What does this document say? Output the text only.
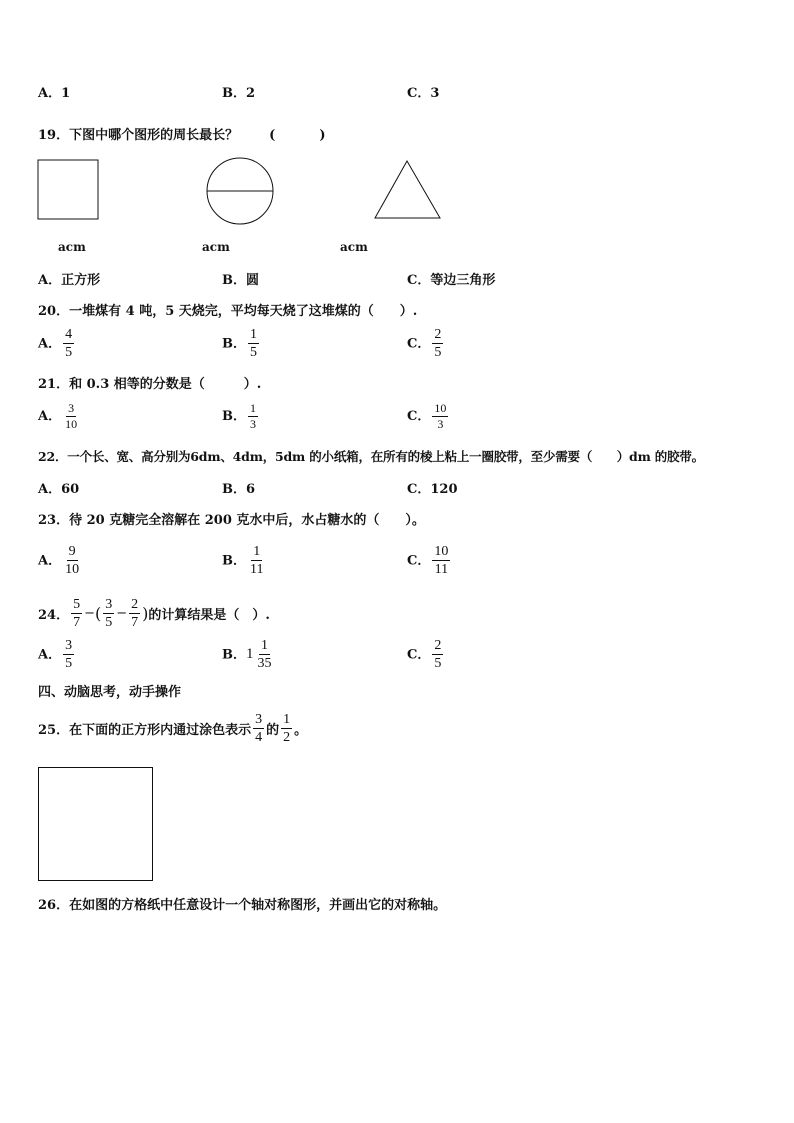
A．1	B．2	C．3
19．下图中哪个图形的周长最长？ (	)
acm	acm	acm
A．正方形	B．圆	C．等边三角形
20．一堆煤有 4 吨，5 天烧完，平均每天烧了这堆煤的（　　）.
A． $\frac{4}{5}$	B． $\frac{1}{5}$	C． $\frac{2}{5}$
21．和 0.3 相等的分数是（　　　）.
A． $\frac{3}{10}$	B． $\frac{1}{3}$	C． $\frac{10}{3}$
22．一个长、宽、高分别为6dm、4dm，5dm 的小纸箱，在所有的棱上粘上一圈胶带，至少需要（　　）dm 的胶带。
A．60	B．6	C．120
23．待 20 克糖完全溶解在 200 克水中后，水占糖水的（　　）。
A． $\frac{9}{10}$	B． $\frac{1}{11}$	C． $\frac{10}{11}$
24． $\frac{5}{7}$ − ( $\frac{3}{5} - \frac{2}{7}$ ) 的计算结果是（　）.
A． $\frac{3}{5}$	B． $1 \frac{1}{35}$	C． $\frac{2}{5}$
四、动脑思考，动手操作
25．在下面的正方形内通过涂色表示 $\frac{3}{4}$ 的 $\frac{1}{2}$ 。
26．在如图的方格纸中任意设计一个轴对称图形，并画出它的对称轴。
